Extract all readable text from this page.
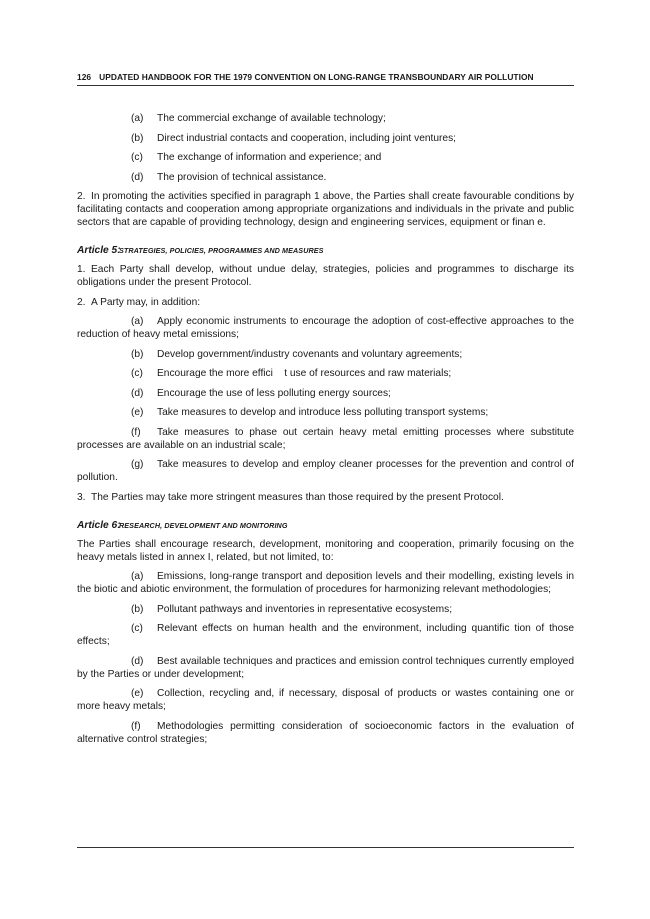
126 UPDATED HANDBOOK FOR THE 1979 CONVENTION ON LONG-RANGE TRANSBOUNDARY AIR POLLUTION
(a) The commercial exchange of available technology;
(b) Direct industrial contacts and cooperation, including joint ventures;
(c) The exchange of information and experience; and
(d) The provision of technical assistance.
2. In promoting the activities specified in paragraph 1 above, the Parties shall create favourable conditions by facilitating contacts and cooperation among appropriate organizations and individuals in the private and public sectors that are capable of providing technology, design and engineering services, equipment or finan e.
Article 5:STRATEGIES, POLICIES, PROGRAMMES AND MEASURES
1. Each Party shall develop, without undue delay, strategies, policies and programmes to discharge its obligations under the present Protocol.
2. A Party may, in addition:
(a) Apply economic instruments to encourage the adoption of cost-effective approaches to the reduction of heavy metal emissions;
(b) Develop government/industry covenants and voluntary agreements;
(c) Encourage the more effici    t use of resources and raw materials;
(d) Encourage the use of less polluting energy sources;
(e) Take measures to develop and introduce less polluting transport systems;
(f) Take measures to phase out certain heavy metal emitting processes where substitute processes are available on an industrial scale;
(g) Take measures to develop and employ cleaner processes for the prevention and control of pollution.
3. The Parties may take more stringent measures than those required by the present Protocol.
Article 6:RESEARCH, DEVELOPMENT AND MONITORING
The Parties shall encourage research, development, monitoring and cooperation, primarily focusing on the heavy metals listed in annex I, related, but not limited, to:
(a) Emissions, long-range transport and deposition levels and their modelling, existing levels in the biotic and abiotic environment, the formulation of procedures for harmonizing relevant methodologies;
(b) Pollutant pathways and inventories in representative ecosystems;
(c) Relevant effects on human health and the environment, including quantific tion of those effects;
(d) Best available techniques and practices and emission control techniques currently employed by the Parties or under development;
(e) Collection, recycling and, if necessary, disposal of products or wastes containing one or more heavy metals;
(f) Methodologies permitting consideration of socioeconomic factors in the evaluation of alternative control strategies;
